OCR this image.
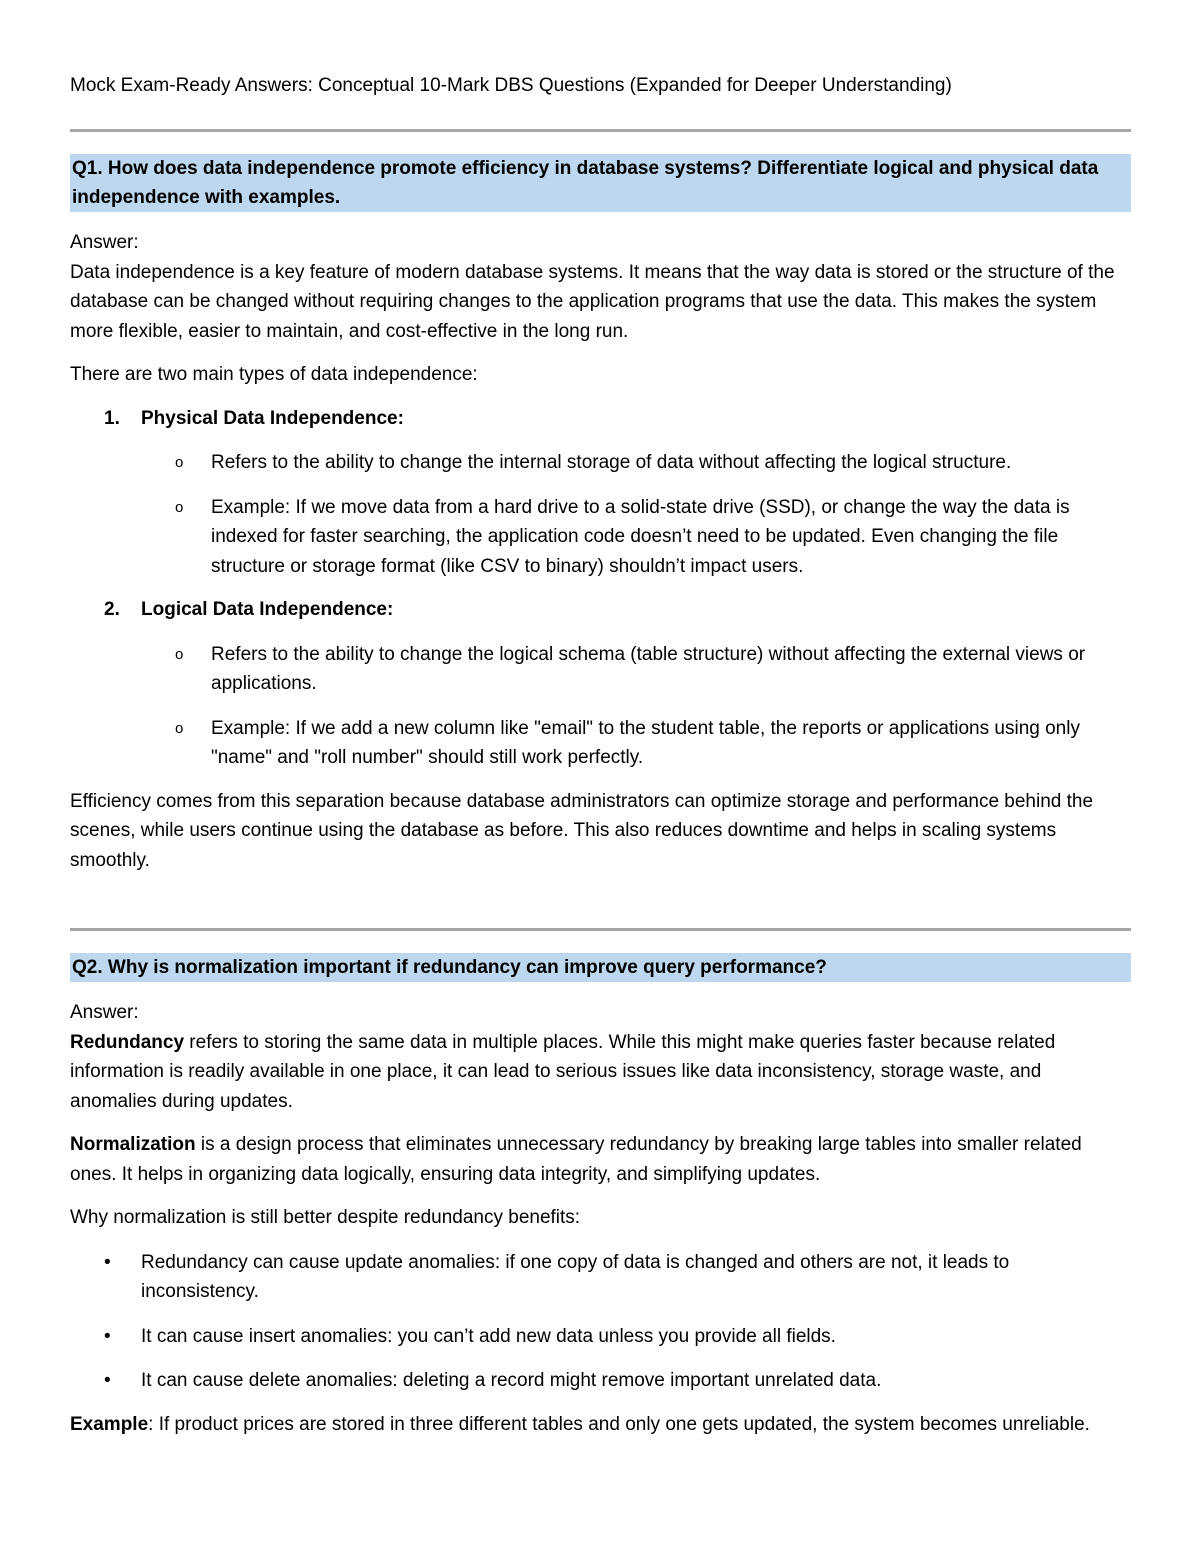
Mock Exam-Ready Answers: Conceptual 10-Mark DBS Questions (Expanded for Deeper Understanding)

Q1. How does data independence promote efficiency in database systems? Differentiate logical and physical data independence with examples.

Answer:

Data independence is a key feature of modern database systems. It means that the way data is stored or the structure of the database can be changed without requiring changes to the application programs that use the data. This makes the system more flexible, easier to maintain, and cost-effective in the long run.

There are two main types of data independence:

1. Physical Data Independence:
o Refers to the ability to change the internal storage of data without affecting the logical structure.
o Example: If we move data from a hard drive to a solid-state drive (SSD), or change the way the data is indexed for faster searching, the application code doesn’t need to be updated. Even changing the file structure or storage format (like CSV to binary) shouldn’t impact users.
2. Logical Data Independence:
o Refers to the ability to change the logical schema (table structure) without affecting the external views or applications.
o Example: If we add a new column like "email" to the student table, the reports or applications using only "name" and "roll number" should still work perfectly.

Efficiency comes from this separation because database administrators can optimize storage and performance behind the scenes, while users continue using the database as before. This also reduces downtime and helps in scaling systems smoothly.

Q2. Why is normalization important if redundancy can improve query performance?

Answer:

Redundancy refers to storing the same data in multiple places. While this might make queries faster because related information is readily available in one place, it can lead to serious issues like data inconsistency, storage waste, and anomalies during updates.

Normalization is a design process that eliminates unnecessary redundancy by breaking large tables into smaller related ones. It helps in organizing data logically, ensuring data integrity, and simplifying updates.

Why normalization is still better despite redundancy benefits:

• Redundancy can cause update anomalies: if one copy of data is changed and others are not, it leads to inconsistency.
• It can cause insert anomalies: you can’t add new data unless you provide all fields.
• It can cause delete anomalies: deleting a record might remove important unrelated data.

Example: If product prices are stored in three different tables and only one gets updated, the system becomes unreliable.
